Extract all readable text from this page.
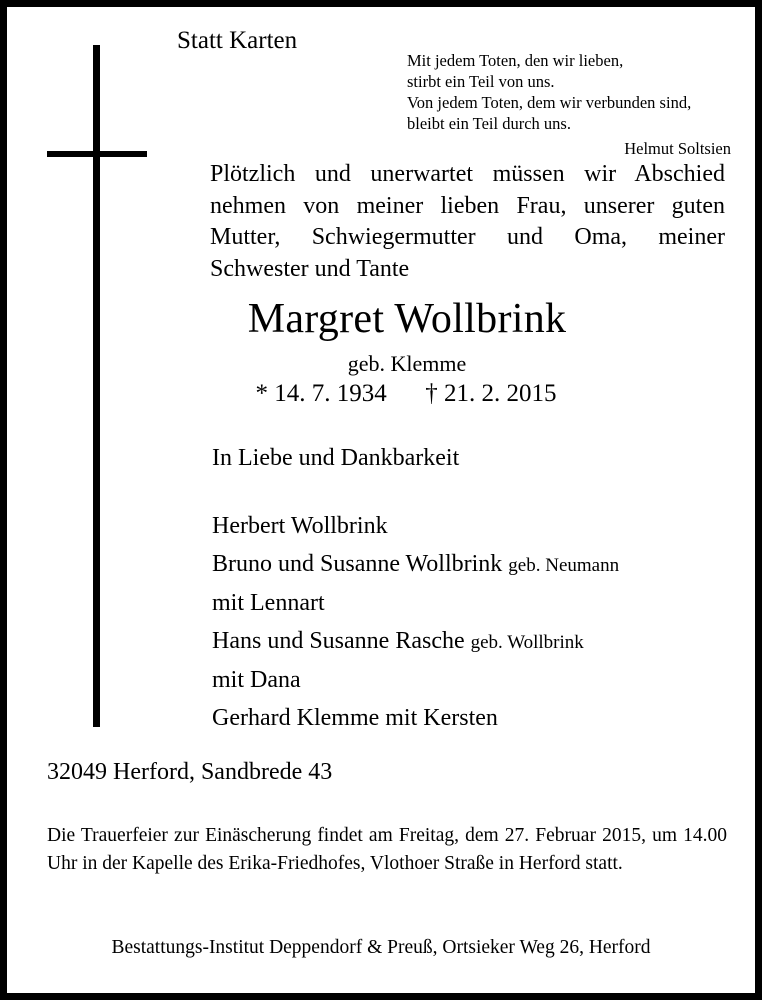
Statt Karten
Mit jedem Toten, den wir lieben,
stirbt ein Teil von uns.
Von jedem Toten, dem wir verbunden sind,
bleibt ein Teil durch uns.
Helmut Soltsien
Plötzlich und unerwartet müssen wir Abschied nehmen von meiner lieben Frau, unserer guten Mutter, Schwiegermutter und Oma, meiner Schwester und Tante
Margret Wollbrink
geb. Klemme
* 14. 7. 1934 † 21. 2. 2015
In Liebe und Dankbarkeit
Herbert Wollbrink
Bruno und Susanne Wollbrink geb. Neumann
mit Lennart
Hans und Susanne Rasche geb. Wollbrink
mit Dana
Gerhard Klemme mit Kersten
32049 Herford, Sandbrede 43
Die Trauerfeier zur Einäscherung findet am Freitag, dem 27. Februar 2015, um 14.00 Uhr in der Kapelle des Erika-Friedhofes, Vlothoer Straße in Herford statt.
Bestattungs-Institut Deppendorf & Preuß, Ortsieker Weg 26, Herford
